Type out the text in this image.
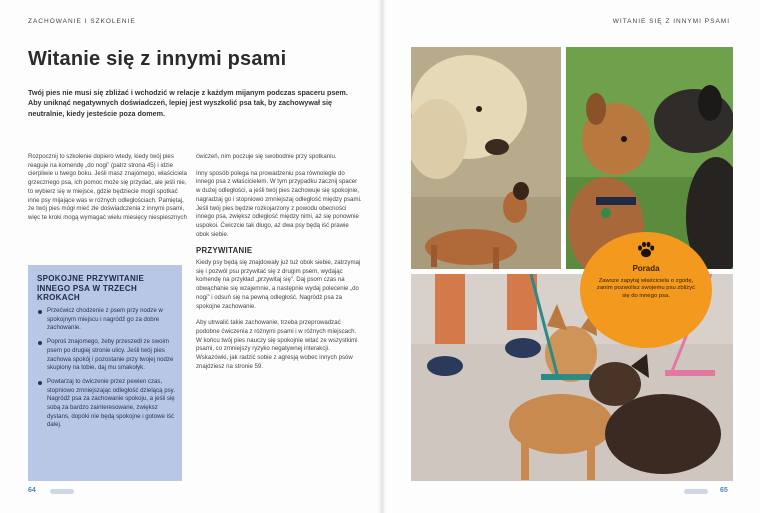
ZACHOWANIE I SZKOLENIE	WITANIE SIĘ Z INNYMI PSAMI
Witanie się z innymi psami

Twój pies nie musi się zbliżać i wchodzić w relacje z każdym mijanym podczas spaceru psem. Aby uniknąć negatywnych doświadczeń, lepiej jest wyszkolić psa tak, by zachowywał się neutralnie, kiedy jesteście poza domem.

Rozpocznij to szkolenie dopiero wtedy, kiedy twój pies reaguje na komendę „do nogi” (patrz strona 45) i idzie cierpliwie u twego boku. Jeśli masz znajomego, właściciela grzecznego psa, ich pomoc może się przydać, ale jeśli nie, to wybierz się w miejsce, gdzie będziecie mogli spotkać inne psy mijające was w różnych odległościach. Pamiętaj, że twój pies mógł mieć złe doświadczenia z innymi psami, więc te kroki mogą wymagać wielu miesięcy niespiesznych

ćwiczeń, nim poczuje się swobodnie przy spotkaniu.

Inny sposób polega na prowadzeniu psa równolegle do innego psa z właścicielem. W tym przypadku zacznij spacer w dużej odległości, a jeśli twój pies zachowuje się spokojnie, nagradzaj go i stopniowo zmniejszaj odległość między psami. Jeśli twój pies będzie rozkojarzony z powodu obecności innego psa, zwiększ odległość między nimi, aż się ponownie uspokoi. Ćwiczcie tak długo, aż dwa psy będą iść prawie obok siebie.

PRZYWITANIE

Kiedy psy będą się znajdowały już tuż obok siebie, zatrzymaj się i pozwól psu przywitać się z drugim psem, wydając komendę na przykład „przywitaj się”. Daj psom czas na obwąchanie się wzajemnie, a następnie wydaj polecenie „do nogi” i odsuń się na pewną odległość. Nagródź psa za spokojne zachowanie.

Aby utrwalić takie zachowanie, trzeba przeprowadzać podobne ćwiczenia z różnymi psami i w różnych miejscach. W końcu twój pies nauczy się spokojnie witać ze wszystkimi psami, co zmniejszy ryzyko negatywnej interakcji. Wskazówki, jak radzić sobie z agresją wobec innych psów znajdziesz na stronie 59.

SPOKOJNE PRZYWITANIE INNEGO PSA W TRZECH KROKACH
Przećwicz chodzenie z psem przy nodze w spokojnym miejscu i nagródź go za dobre zachowanie.
Poproś znajomego, żeby przeszedł ze swoim psem po drugiej stronie ulicy. Jeśli twój pies zachowa spokój i pozostanie przy twojej nodze skupiony na tobie, daj mu smakołyk.
Powtarzaj to ćwiczenie przez pewien czas, stopniowo zmniejszając odległość dzielącą psy. Nagródź psa za zachowanie spokoju, a jeśli się sobą za bardzo zainteresowane, zwiększ dystans, dopóki nie będą spokojne i gotowe iść dalej.
Porada
Zawsze zapytaj właściciela o zgodę, zanim pozwolisz swojemu psu zbliżyć się do innego psa.
64	65
